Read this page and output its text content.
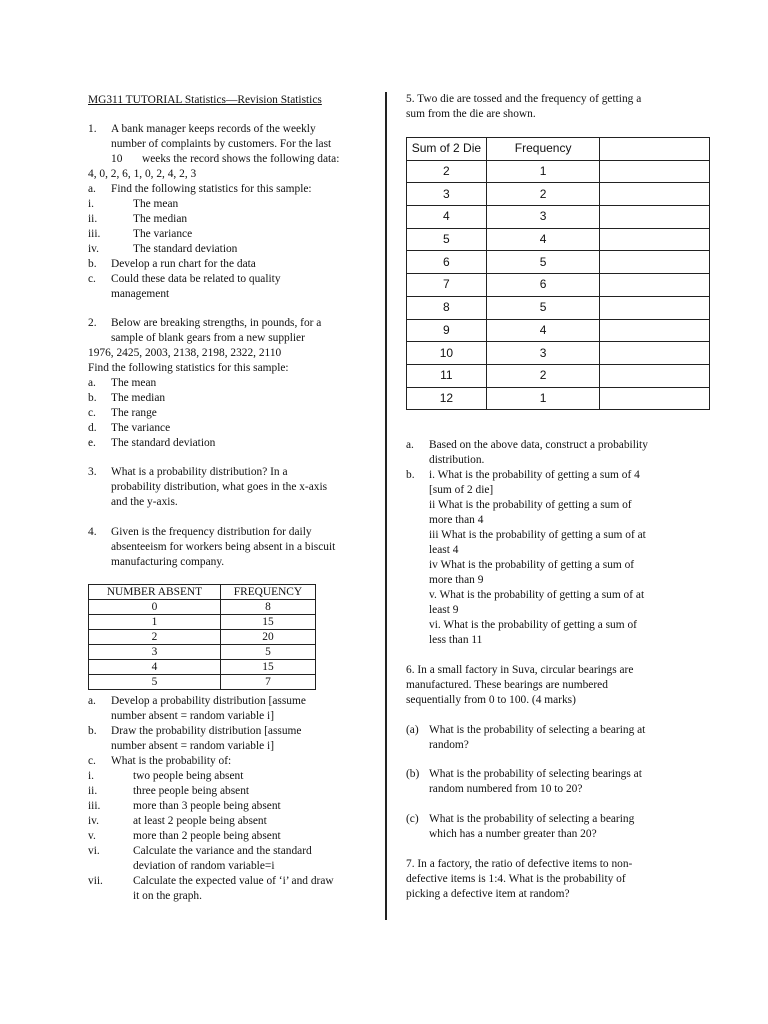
MG311 TUTORIAL Statistics—Revision Statistics
1. A bank manager keeps records of the weekly
number of complaints by customers. For the last
10 weeks the record shows the following data:
4, 0, 2, 6, 1, 0, 2, 4, 2, 3
a. Find the following statistics for this sample:
i.	The mean
ii.	The median
iii.	The variance
iv.	The standard deviation
b. Develop a run chart for the data
c. Could these data be related to quality
management
2. Below are breaking strengths, in pounds, for a
sample of blank gears from a new supplier
1976, 2425, 2003, 2138, 2198, 2322, 2110
Find the following statistics for this sample:
a. The mean
b. The median
c. The range
d. The variance
e. The standard deviation
3. What is a probability distribution? In a
probability distribution, what goes in the x-axis
and the y-axis.
4. Given is the frequency distribution for daily
absenteeism for workers being absent in a biscuit
manufacturing company.
NUMBER ABSENT	FREQUENCY
0	8
1	15
2	20
3	5
4	15
5	7
a. Develop a probability distribution [assume
number absent = random variable i]
b. Draw the probability distribution [assume
number absent = random variable i]
c. What is the probability of:
i.	two people being absent
ii.	three people being absent
iii.	more than 3 people being absent
iv.	at least 2 people being absent
v.	more than 2 people being absent
vi.	Calculate the variance and the standard
deviation of random variable=i
vii.	Calculate the expected value of ‘i’ and draw
it on the graph.
5. Two die are tossed and the frequency of getting a
sum from the die are shown.
Sum of 2 Die	Frequency	
2	1	
3	2	
4	3	
5	4	
6	5	
7	6	
8	5	
9	4	
10	3	
11	2	
12	1	
a. Based on the above data, construct a probability
distribution.
b. i. What is the probability of getting a sum of 4
[sum of 2 die]
ii What is the probability of getting a sum of
more than 4
iii What is the probability of getting a sum of at
least 4
iv What is the probability of getting a sum of
more than 9
v. What is the probability of getting a sum of at
least 9
vi. What is the probability of getting a sum of
less than 11
6. In a small factory in Suva, circular bearings are
manufactured. These bearings are numbered
sequentially from 0 to 100. (4 marks)
(a) What is the probability of selecting a bearing at
random?
(b) What is the probability of selecting bearings at
random numbered from 10 to 20?
(c) What is the probability of selecting a bearing
which has a number greater than 20?
7. In a factory, the ratio of defective items to non-
defective items is 1:4. What is the probability of
picking a defective item at random?
